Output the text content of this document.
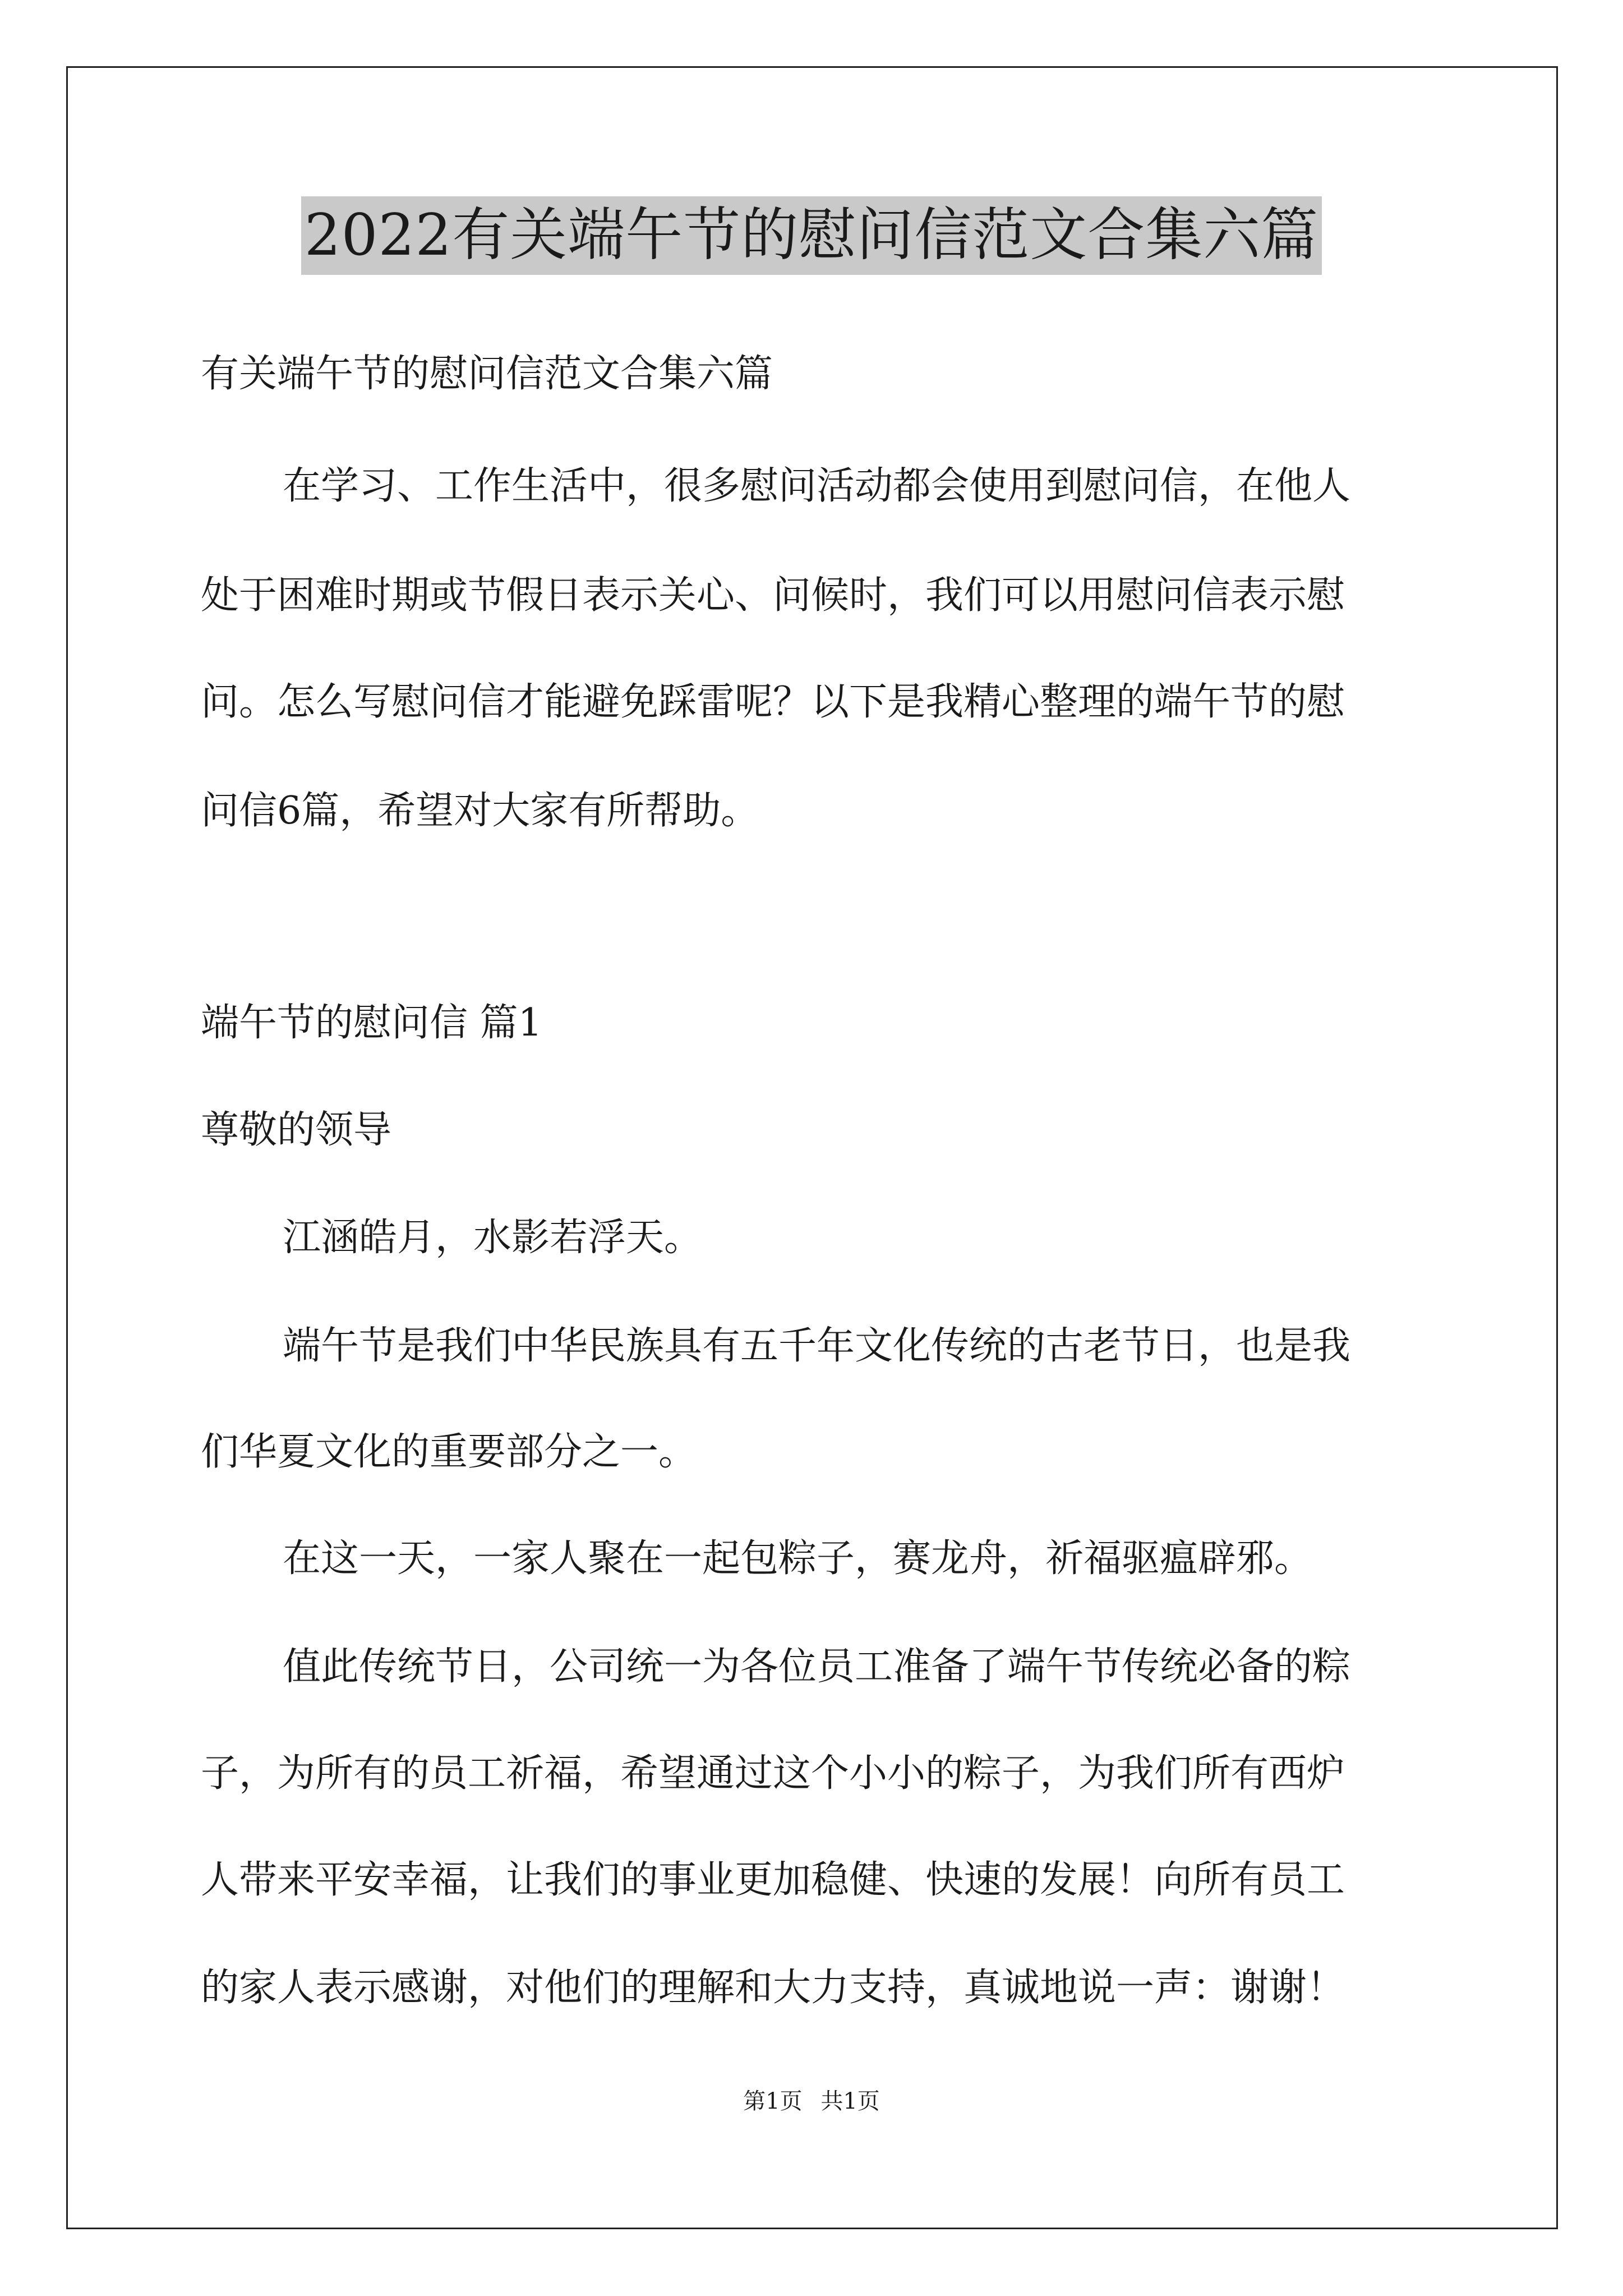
2022有关端午节的慰问信范文合集六篇
有关端午节的慰问信范文合集六篇
在学习、工作生活中，很多慰问活动都会使用到慰问信，在他人
处于困难时期或节假日表示关心、问候时，我们可以用慰问信表示慰
问。怎么写慰问信才能避免踩雷呢？以下是我精心整理的端午节的慰
问信6篇，希望对大家有所帮助。
端午节的慰问信 篇1
尊敬的领导
江涵皓月，水影若浮天。
端午节是我们中华民族具有五千年文化传统的古老节日，也是我
们华夏文化的重要部分之一。
在这一天，一家人聚在一起包粽子，赛龙舟，祈福驱瘟辟邪。
值此传统节日，公司统一为各位员工准备了端午节传统必备的粽
子，为所有的员工祈福，希望通过这个小小的粽子，为我们所有西炉
人带来平安幸福，让我们的事业更加稳健、快速的发展！向所有员工
的家人表示感谢，对他们的理解和大力支持，真诚地说一声：谢谢！
第1页 共1页
